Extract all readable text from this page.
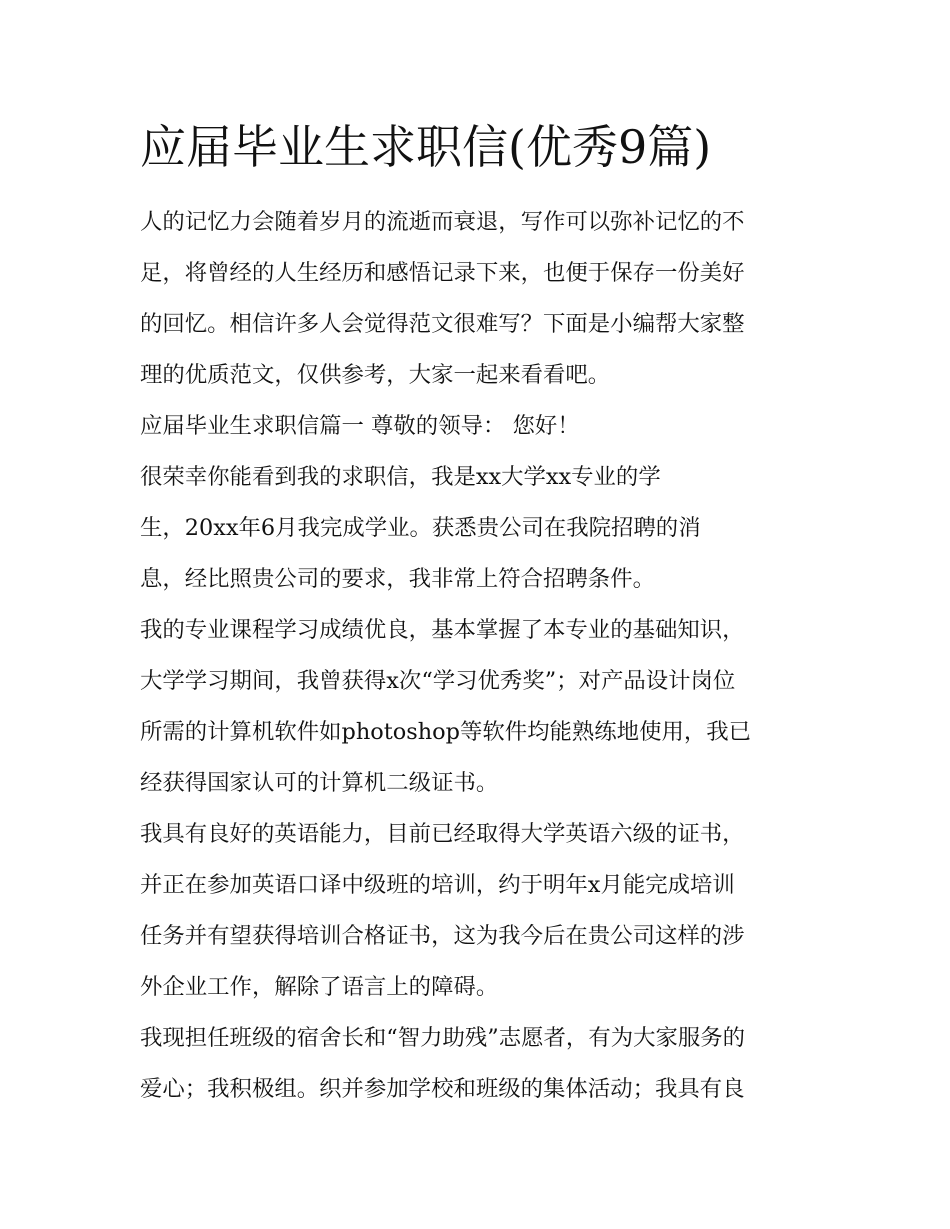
应届毕业生求职信(优秀9篇)
人的记忆力会随着岁月的流逝而衰退，写作可以弥补记忆的不
足，将曾经的人生经历和感悟记录下来，也便于保存一份美好
的回忆。相信许多人会觉得范文很难写？下面是小编帮大家整
理的优质范文，仅供参考，大家一起来看看吧。
应届毕业生求职信篇一 尊敬的领导： 您好！
很荣幸你能看到我的求职信，我是xx大学xx专业的学
生，20xx年6月我完成学业。获悉贵公司在我院招聘的消
息，经比照贵公司的要求，我非常上符合招聘条件。
我的专业课程学习成绩优良，基本掌握了本专业的基础知识，
大学学习期间，我曾获得x次“学习优秀奖”；对产品设计岗位
所需的计算机软件如photoshop等软件均能熟练地使用，我已
经获得国家认可的计算机二级证书。
我具有良好的英语能力，目前已经取得大学英语六级的证书，
并正在参加英语口译中级班的培训，约于明年x月能完成培训
任务并有望获得培训合格证书，这为我今后在贵公司这样的涉
外企业工作，解除了语言上的障碍。
我现担任班级的宿舍长和“智力助残”志愿者，有为大家服务的
爱心；我积极组。织并参加学校和班级的集体活动；我具有良
